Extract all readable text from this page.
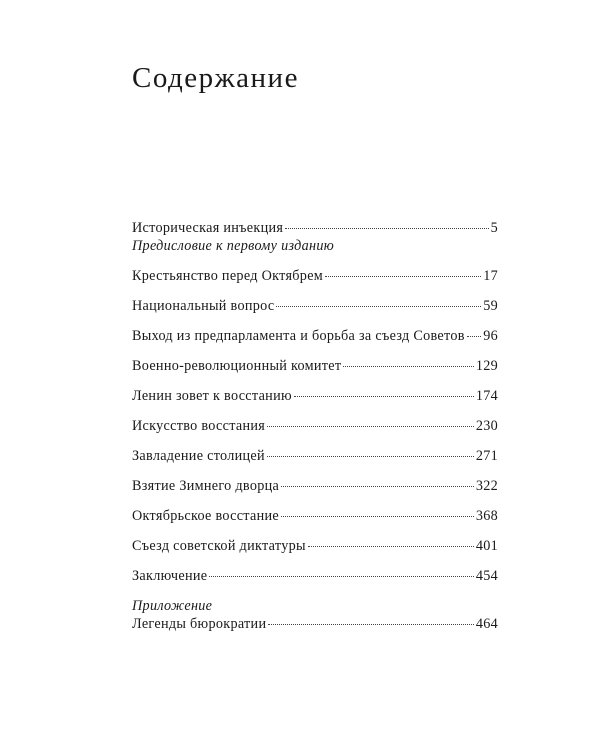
Содержание
Историческая инъекция	5
Предисловие к первому изданию
Крестьянство перед Октябрем	17
Национальный вопрос	59
Выход из предпарламента и борьба за съезд Советов 96
Военно-революционный комитет	129
Ленин зовет к восстанию	174
Искусство восстания	230
Завладение столицей	271
Взятие Зимнего дворца	322
Октябрьское восстание	368
Съезд советской диктатуры	401
Заключение	454
Приложение
Легенды бюрократии	464
